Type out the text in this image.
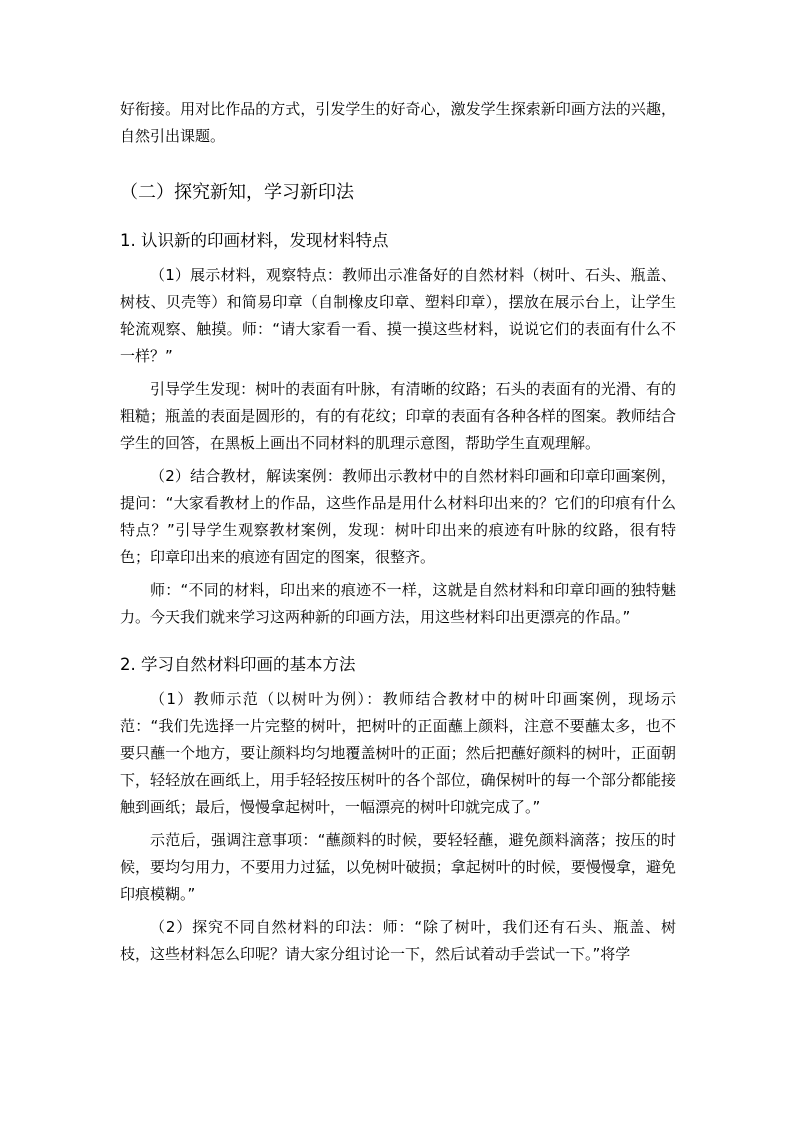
好衔接。用对比作品的方式，引发学生的好奇心，激发学生探索新印画方法的兴趣，自然引出课题。

（二）探究新知，学习新印法

1. 认识新的印画材料，发现材料特点

（1）展示材料，观察特点：教师出示准备好的自然材料（树叶、石头、瓶盖、树枝、贝壳等）和简易印章（自制橡皮印章、塑料印章），摆放在展示台上，让学生轮流观察、触摸。师：“请大家看一看、摸一摸这些材料，说说它们的表面有什么不一样？”

引导学生发现：树叶的表面有叶脉，有清晰的纹路；石头的表面有的光滑、有的粗糙；瓶盖的表面是圆形的，有的有花纹；印章的表面有各种各样的图案。教师结合学生的回答，在黑板上画出不同材料的肌理示意图，帮助学生直观理解。

（2）结合教材，解读案例：教师出示教材中的自然材料印画和印章印画案例，提问：“大家看教材上的作品，这些作品是用什么材料印出来的？它们的印痕有什么特点？”引导学生观察教材案例，发现：树叶印出来的痕迹有叶脉的纹路，很有特色；印章印出来的痕迹有固定的图案，很整齐。

师：“不同的材料，印出来的痕迹不一样，这就是自然材料和印章印画的独特魅力。今天我们就来学习这两种新的印画方法，用这些材料印出更漂亮的作品。”

2. 学习自然材料印画的基本方法

（1）教师示范（以树叶为例）：教师结合教材中的树叶印画案例，现场示范：“我们先选择一片完整的树叶，把树叶的正面蘸上颜料，注意不要蘸太多，也不要只蘸一个地方，要让颜料均匀地覆盖树叶的正面；然后把蘸好颜料的树叶，正面朝下，轻轻放在画纸上，用手轻轻按压树叶的各个部位，确保树叶的每一个部分都能接触到画纸；最后，慢慢拿起树叶，一幅漂亮的树叶印就完成了。”

示范后，强调注意事项：“蘸颜料的时候，要轻轻蘸，避免颜料滴落；按压的时候，要均匀用力，不要用力过猛，以免树叶破损；拿起树叶的时候，要慢慢拿，避免印痕模糊。”

（2）探究不同自然材料的印法：师：“除了树叶，我们还有石头、瓶盖、树枝，这些材料怎么印呢？请大家分组讨论一下，然后试着动手尝试一下。”将学
